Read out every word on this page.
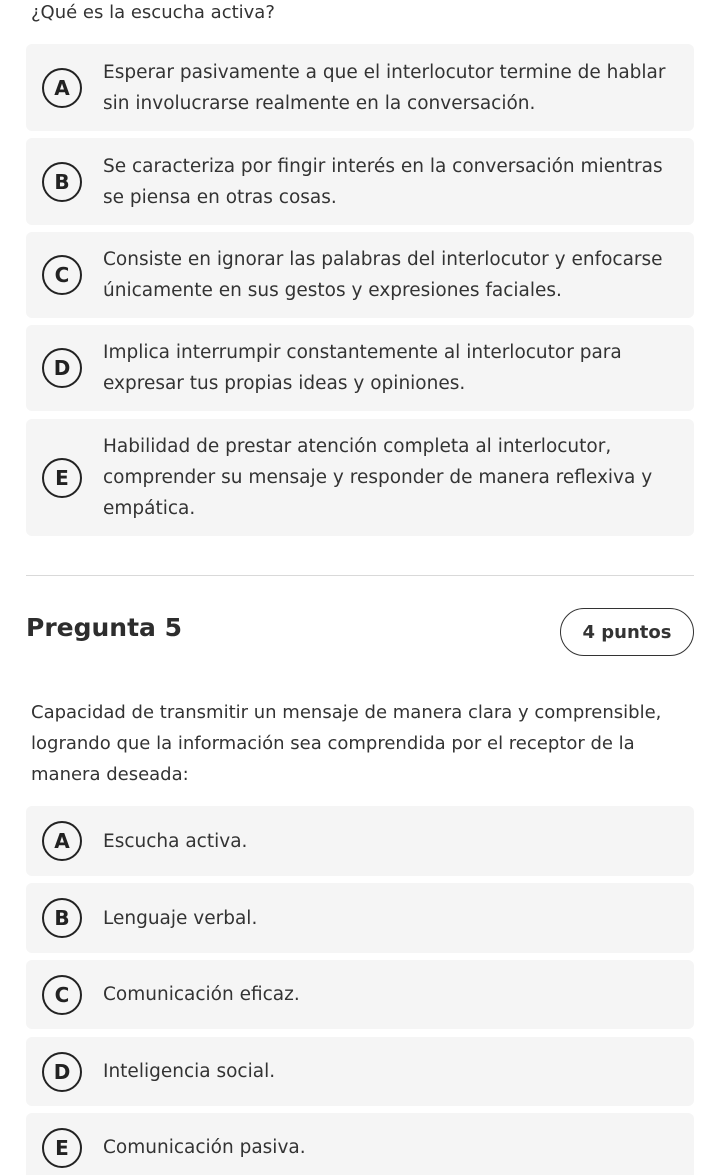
¿Qué es la escucha activa?
A
Esperar pasivamente a que el interlocutor termine de hablar sin involucrarse realmente en la conversación.
B
Se caracteriza por fingir interés en la conversación mientras se piensa en otras cosas.
C
Consiste en ignorar las palabras del interlocutor y enfocarse únicamente en sus gestos y expresiones faciales.
D
Implica interrumpir constantemente al interlocutor para expresar tus propias ideas y opiniones.
E
Habilidad de prestar atención completa al interlocutor, comprender su mensaje y responder de manera reflexiva y empática.
Pregunta 5	4 puntos
Capacidad de transmitir un mensaje de manera clara y comprensible, logrando que la información sea comprendida por el receptor de la manera deseada:
A	Escucha activa.
B	Lenguaje verbal.
C	Comunicación eficaz.
D	Inteligencia social.
E	Comunicación pasiva.
